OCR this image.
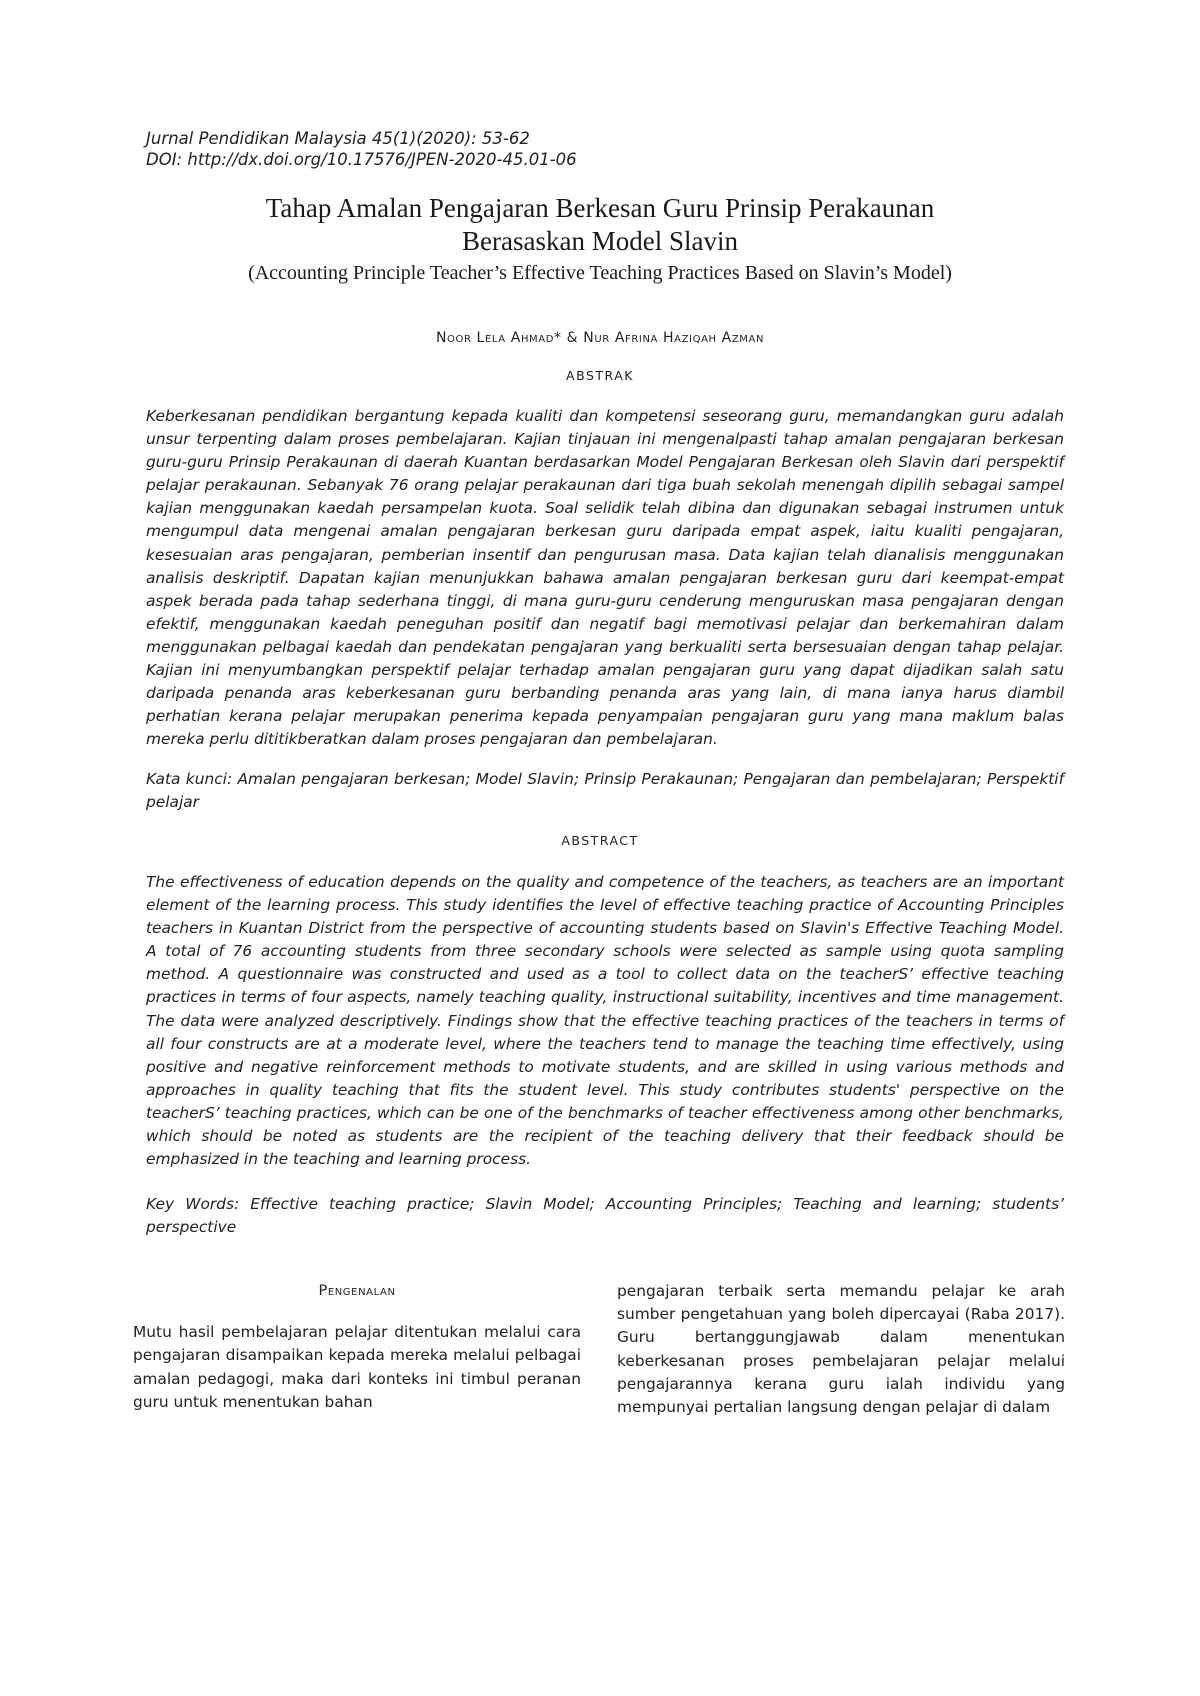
Jurnal Pendidikan Malaysia 45(1)(2020): 53-62
DOI: http://dx.doi.org/10.17576/JPEN-2020-45.01-06
Tahap Amalan Pengajaran Berkesan Guru Prinsip Perakaunan
Berasaskan Model Slavin
(Accounting Principle Teacher’s Effective Teaching Practices Based on Slavin’s Model)
Noor Lela Ahmad* & Nur Afrina Haziqah Azman
ABSTRAK

Keberkesanan pendidikan bergantung kepada kualiti dan kompetensi seseorang guru, memandangkan guru adalah unsur terpenting dalam proses pembelajaran. Kajian tinjauan ini mengenalpasti tahap amalan pengajaran berkesan guru-guru Prinsip Perakaunan di daerah Kuantan berdasarkan Model Pengajaran Berkesan oleh Slavin dari perspektif pelajar perakaunan. Sebanyak 76 orang pelajar perakaunan dari tiga buah sekolah menengah dipilih sebagai sampel kajian menggunakan kaedah persampelan kuota. Soal selidik telah dibina dan digunakan sebagai instrumen untuk mengumpul data mengenai amalan pengajaran berkesan guru daripada empat aspek, iaitu kualiti pengajaran, kesesuaian aras pengajaran, pemberian insentif dan pengurusan masa. Data kajian telah dianalisis menggunakan analisis deskriptif. Dapatan kajian menunjukkan bahawa amalan pengajaran berkesan guru dari keempat-empat aspek berada pada tahap sederhana tinggi, di mana guru-guru cenderung menguruskan masa pengajaran dengan efektif, menggunakan kaedah peneguhan positif dan negatif bagi memotivasi pelajar dan berkemahiran dalam menggunakan pelbagai kaedah dan pendekatan pengajaran yang berkualiti serta bersesuaian dengan tahap pelajar. Kajian ini menyumbangkan perspektif pelajar terhadap amalan pengajaran guru yang dapat dijadikan salah satu daripada penanda aras keberkesanan guru berbanding penanda aras yang lain, di mana ianya harus diambil perhatian kerana pelajar merupakan penerima kepada penyampaian pengajaran guru yang mana maklum balas mereka perlu dititikberatkan dalam proses pengajaran dan pembelajaran.

Kata kunci: Amalan pengajaran berkesan; Model Slavin; Prinsip Perakaunan; Pengajaran dan pembelajaran; Perspektif pelajar
ABSTRACT

The effectiveness of education depends on the quality and competence of the teachers, as teachers are an important element of the learning process. This study identifies the level of effective teaching practice of Accounting Principles teachers in Kuantan District from the perspective of accounting students based on Slavin's Effective Teaching Model. A total of 76 accounting students from three secondary schools were selected as sample using quota sampling method. A questionnaire was constructed and used as a tool to collect data on the teacherS’ effective teaching practices in terms of four aspects, namely teaching quality, instructional suitability, incentives and time management. The data were analyzed descriptively. Findings show that the effective teaching practices of the teachers in terms of all four constructs are at a moderate level, where the teachers tend to manage the teaching time effectively, using positive and negative reinforcement methods to motivate students, and are skilled in using various methods and approaches in quality teaching that fits the student level. This study contributes students' perspective on the teacherS’ teaching practices, which can be one of the benchmarks of teacher effectiveness among other benchmarks, which should be noted as students are the recipient of the teaching delivery that their feedback should be emphasized in the teaching and learning process.

Key Words: Effective teaching practice; Slavin Model; Accounting Principles; Teaching and learning; students’ perspective
Pengenalan

Mutu hasil pembelajaran pelajar ditentukan melalui cara pengajaran disampaikan kepada mereka melalui pelbagai amalan pedagogi, maka dari konteks ini timbul peranan guru untuk menentukan bahan

pengajaran terbaik serta memandu pelajar ke arah sumber pengetahuan yang boleh dipercayai (Raba 2017). Guru bertanggungjawab dalam menentukan keberkesanan proses pembelajaran pelajar melalui pengajarannya kerana guru ialah individu yang mempunyai pertalian langsung dengan pelajar di dalam
